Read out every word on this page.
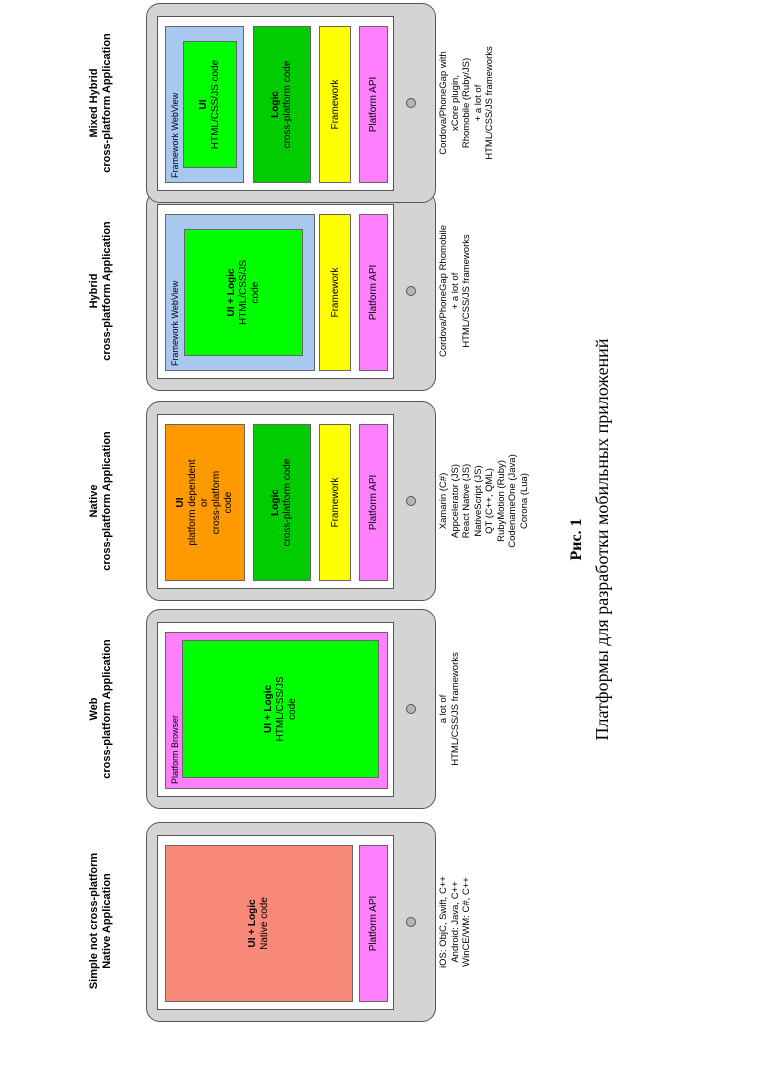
Simple not cross-platform Native Application	UI + Logic Native code	Platform API	iOS: ObjC, Swift, C++ Android: Java, C++ WinCE/WM: C#, C++
Web cross-platform Application	Platform Browser
UI + Logic HTML/CSS/JS code	a lot of HTML/CSS/JS frameworks
Native cross-platform Application	UI platform dependent or cross-platform code	Logic cross-platform code	Framework	Platform API	Xamarin (C#) Appcelerator (JS) React Native (JS) NativeScript (JS) QT (C++, QML) RubyMotion (Ruby) CodenameOne (Java) Corona (Lua)
Hybrid cross-platform Application	Framework WebView	UI + Logic HTML/CSS/JS code	Framework	Platform API	Cordova/PhoneGap Rhomobile + a lot of HTML/CSS/JS frameworks
Mixed Hybrid cross-platform Application	Framework WebView UI HTML/CSS/JS code	Logic cross-platform code	Framework	Platform API	Cordova/PhoneGap with xCore plugin, Rhomobile (Ruby/JS) + a lot of HTML/CSS/JS frameworks
Рис. 1 Платформы для разработки мобильных приложений
